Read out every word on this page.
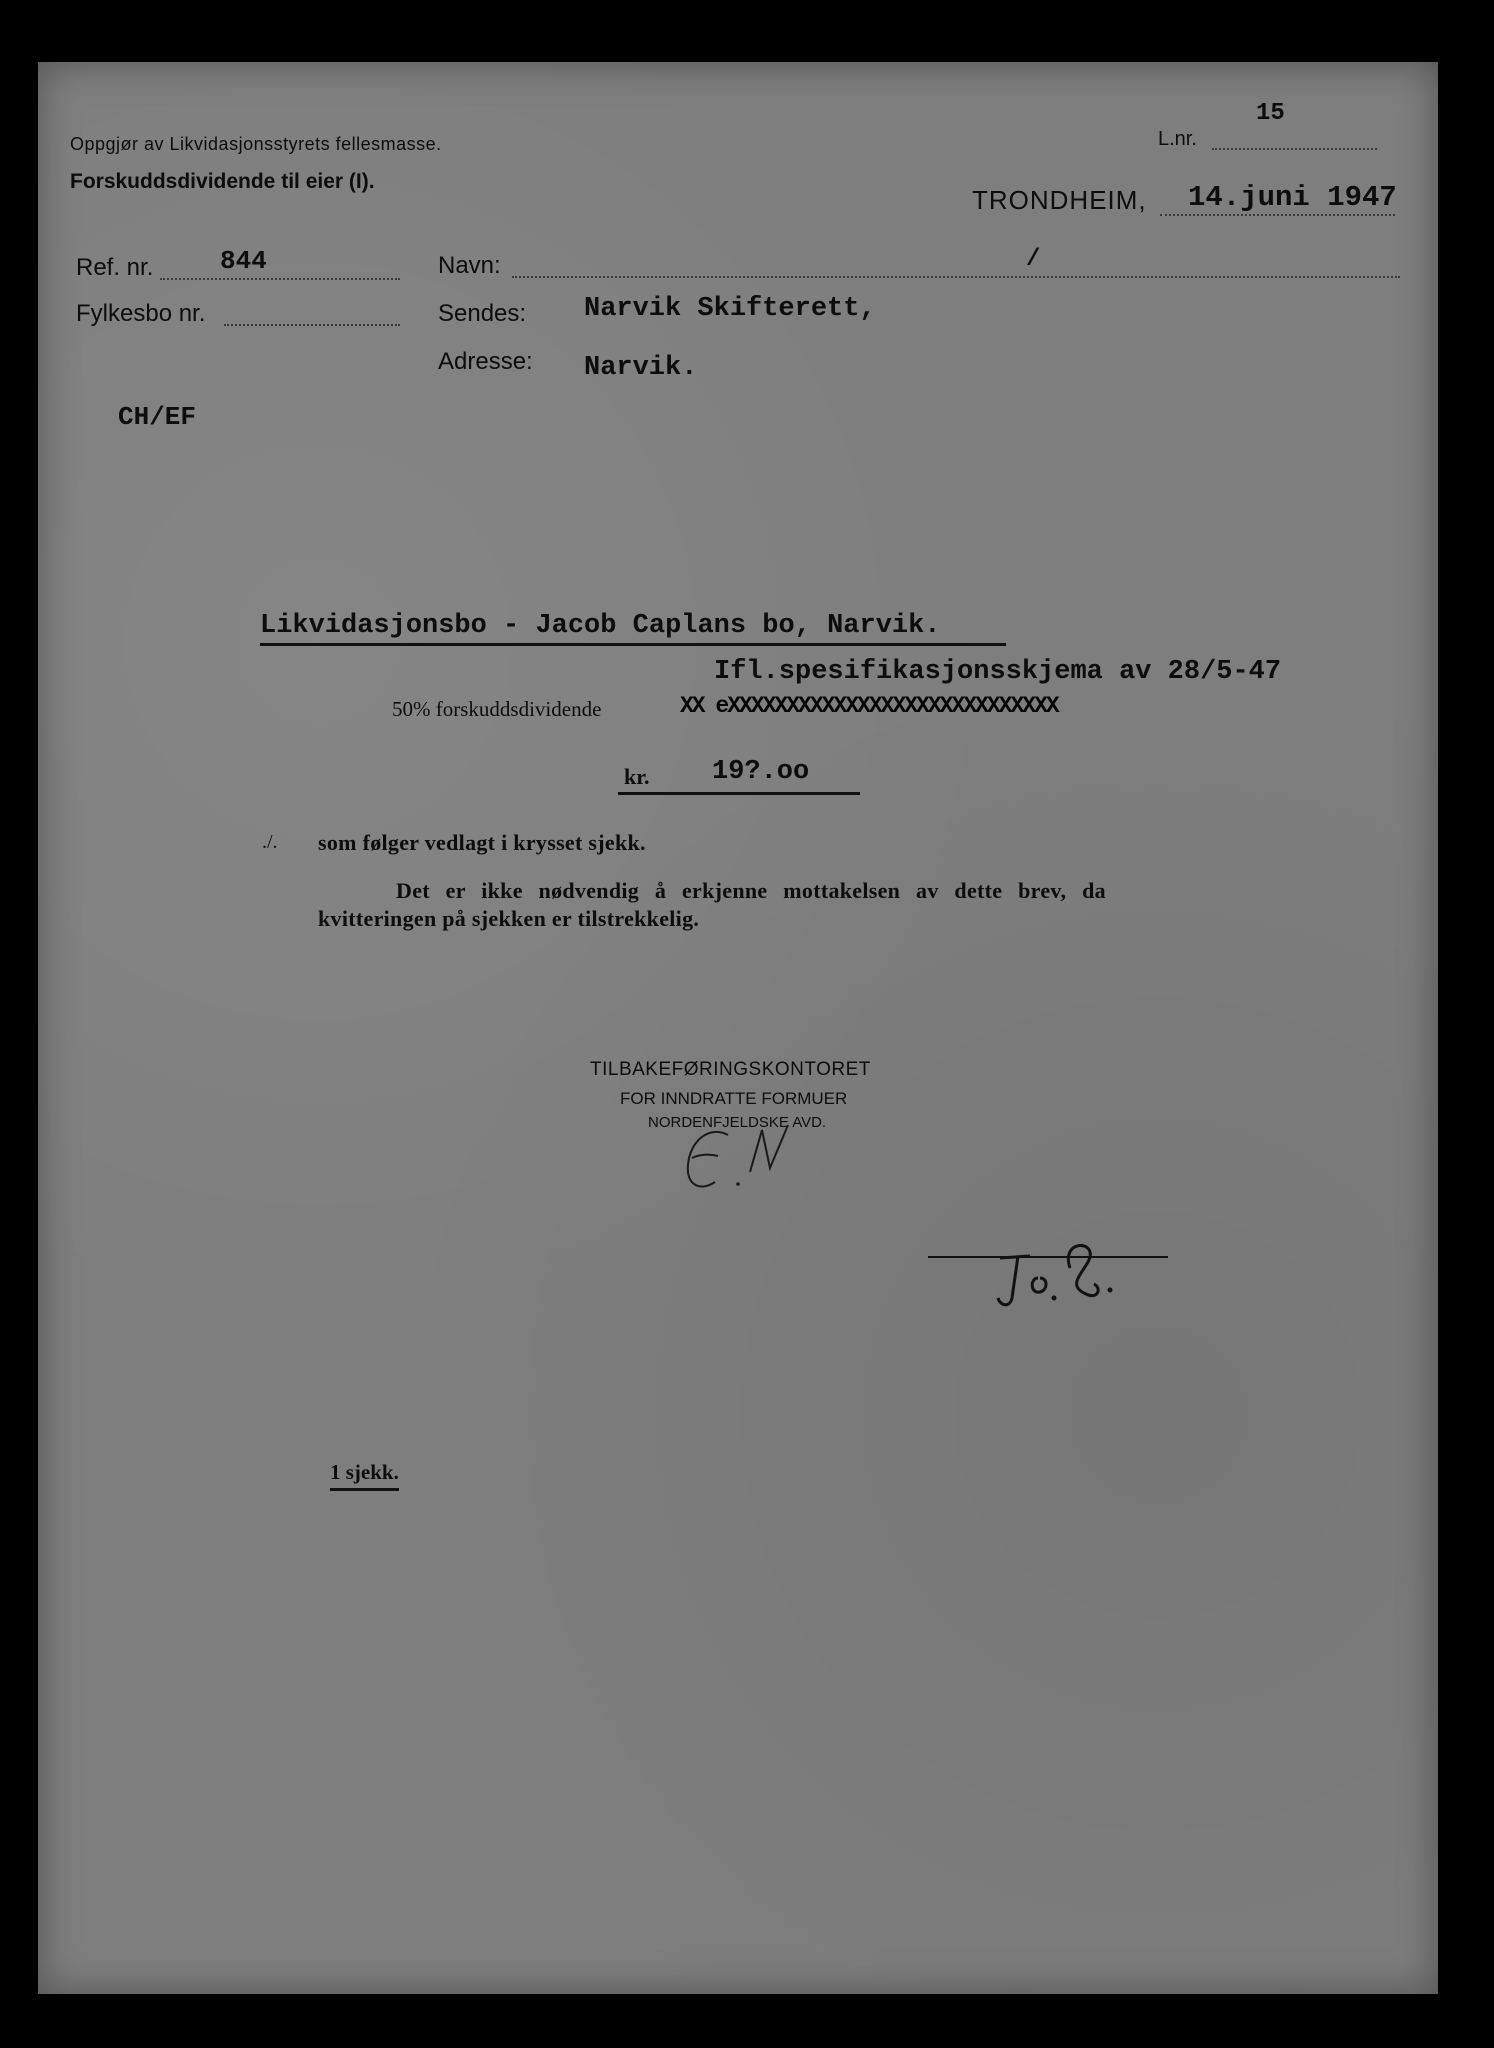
Oppgjør av Likvidasjonsstyrets fellesmasse.
Forskuddsdividende til eier (I).
L.nr.
15
TRONDHEIM, 14.juni 1947
Ref. nr.	844
Fylkesbo nr.
Navn:	/
Sendes: Narvik Skifterett,
Adresse: Narvik.
CH/EF
Likvidasjonsbo - Jacob Caplans bo, Narvik.
Ifl.spesifikasjonsskjema av 28/5-47
50% forskuddsdividende	XX eXXXXXXXXXXXXXXXXXXXXXXXXXXXX
kr. 19?.oo
./. som følger vedlagt i krysset sjekk.
Det er ikke nødvendig å erkjenne mottakelsen av dette brev, da
kvitteringen på sjekken er tilstrekkelig.
TILBAKEFØRINGSKONTORET
FOR INNDRATTE FORMUER
NORDENFJELDSKE AVD.
1 sjekk.
